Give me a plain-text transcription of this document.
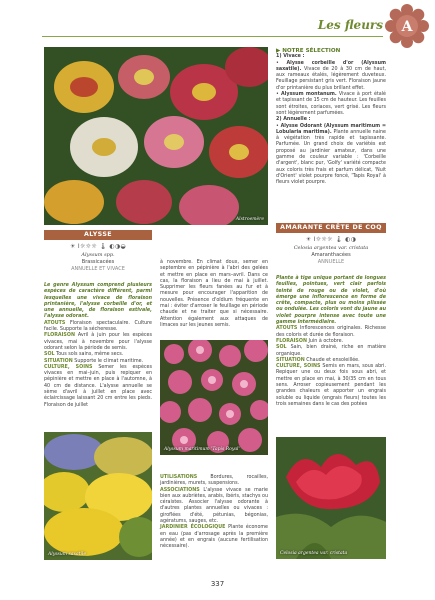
Les fleurs A
Alstroemère
ALYSSE
☀ I☼☼☼ 🌡 ◐◑◒
Alyssum spp.
Brassicacées
ANNUELLE ET VIVACE

Le genre Alyssum comprend plusieurs espèces de caractère différent, parmi lesquelles une vivace de floraison printanière, l'alysse corbeille d'or, et une annuelle, de floraison estivale, l'alysse odorant.

ATOUTS Floraison spectaculaire. Culture facile. Supporte la sécheresse.

FLORAISON Avril à juin pour les espèces vivaces, mai à novembre pour l'alysse odorant selon la période de semis.

SOL Tous sols sains, même secs.

SITUATION Supporte le climat maritime.

CULTURE, SOINS Semer les espèces vivaces en mai–juin, puis repiquer en pépinière et mettre en place à l'automne, à 40 cm de distance. L'alysse annuelle se sème d'avril à juillet en place avec éclaircissage laissant 20 cm entre les pieds. Floraison de juillet

Alyssum saxatile

à novembre. En climat doux, semer en septembre en pépinière à l'abri des gelées et mettre en place en mars–avril. Dans ce cas, la floraison a lieu de mai à juillet. Supprimer les fleurs fanées au fur et à mesure pour encourager l'apparition de nouvelles. Présence d'oïdium fréquente en mai : éviter d'arroser le feuillage en période chaude et ne traiter que si nécessaire. Attention également aux attaques de limaces sur les jeunes semis.

Alyssum maritimum 'Tapis Royal'

UTILISATIONS	Bordures, rocailles, jardinières, murets, suspensions.

ASSOCIATIONS L'alysse vivace se marie bien aux aubriètes, arabis, ibéris, stachys ou céraistes. Associer l'alysse odorante à d'autres plantes annuelles ou vivaces : giroflées d'été, pétunias, bégonias, agératums, sauges, etc.

JARDINIER ÉCOLOGIQUE Plante économe en eau (pas d'arrosage après la première année) et en engrais (aucune fertilisation nécessaire).

▶ NOTRE SÉLECTION

1) Vivace :

• Alysse corbeille d'or (Alyssum saxatile). Vivace de 20 à 30 cm de haut, aux rameaux étalés, légèrement duveteux. Feuillage persistant gris vert. Floraison jaune d'or printanière du plus brillant effet.

• Alyssum montanum. Vivace à port étalé et tapissant de 15 cm de hauteur. Les feuilles sont étroites, coriaces, vert grisé. Les fleurs sont légèrement parfumées.

2) Annuelle :

• Alysse Odorant (Alyssum maritimum = Lobularia maritima). Plante annuelle naine à végétation très rapide et tapissante. Parfumée. Un grand choix de variétés est proposé au jardinier amateur, dans une gamme de couleur variable : 'Corbeille d'argent', blanc pur, 'Golfy' variété compacte aux coloris très frais et parfum délicat, 'Nuit d'Orient' violet pourpre foncé, 'Tapis Royal' à fleurs violet pourpre.

AMARANTE CRÊTE DE COQ
☀ I☼☼☼ 🌡 ◐◑
Celosia argentea var. cristata
Amaranthacées
ANNUELLE

Plante à tige unique portant de longues feuilles, pointues, vert clair parfois teinté de rouge ou de violet, d'où émerge une inflorescence en forme de crête, compacte, plus ou moins plissée ou ondulée. Les coloris vont du jaune au violet pourpre intense avec toute une gamme intermédiaire.

ATOUTS Inflorescences originales. Richesse des coloris et durée de floraison.

FLORAISON Juin à octobre.

SOL Sain, bien drainé, riche en matière organique.

SITUATION Chaude et ensoleillée.

CULTURE, SOINS Semis en mars, sous abri. Repiquer une ou deux fois sous abri, et mettre en place en mai, à 30/35 cm en tous sens. Arroser copieusement pendant les grandes chaleurs et apporter un engrais soluble ou liquide (engrais fleurs) toutes les trois semaines dans le cas des potées

Celosia argentea var. cristata
337
